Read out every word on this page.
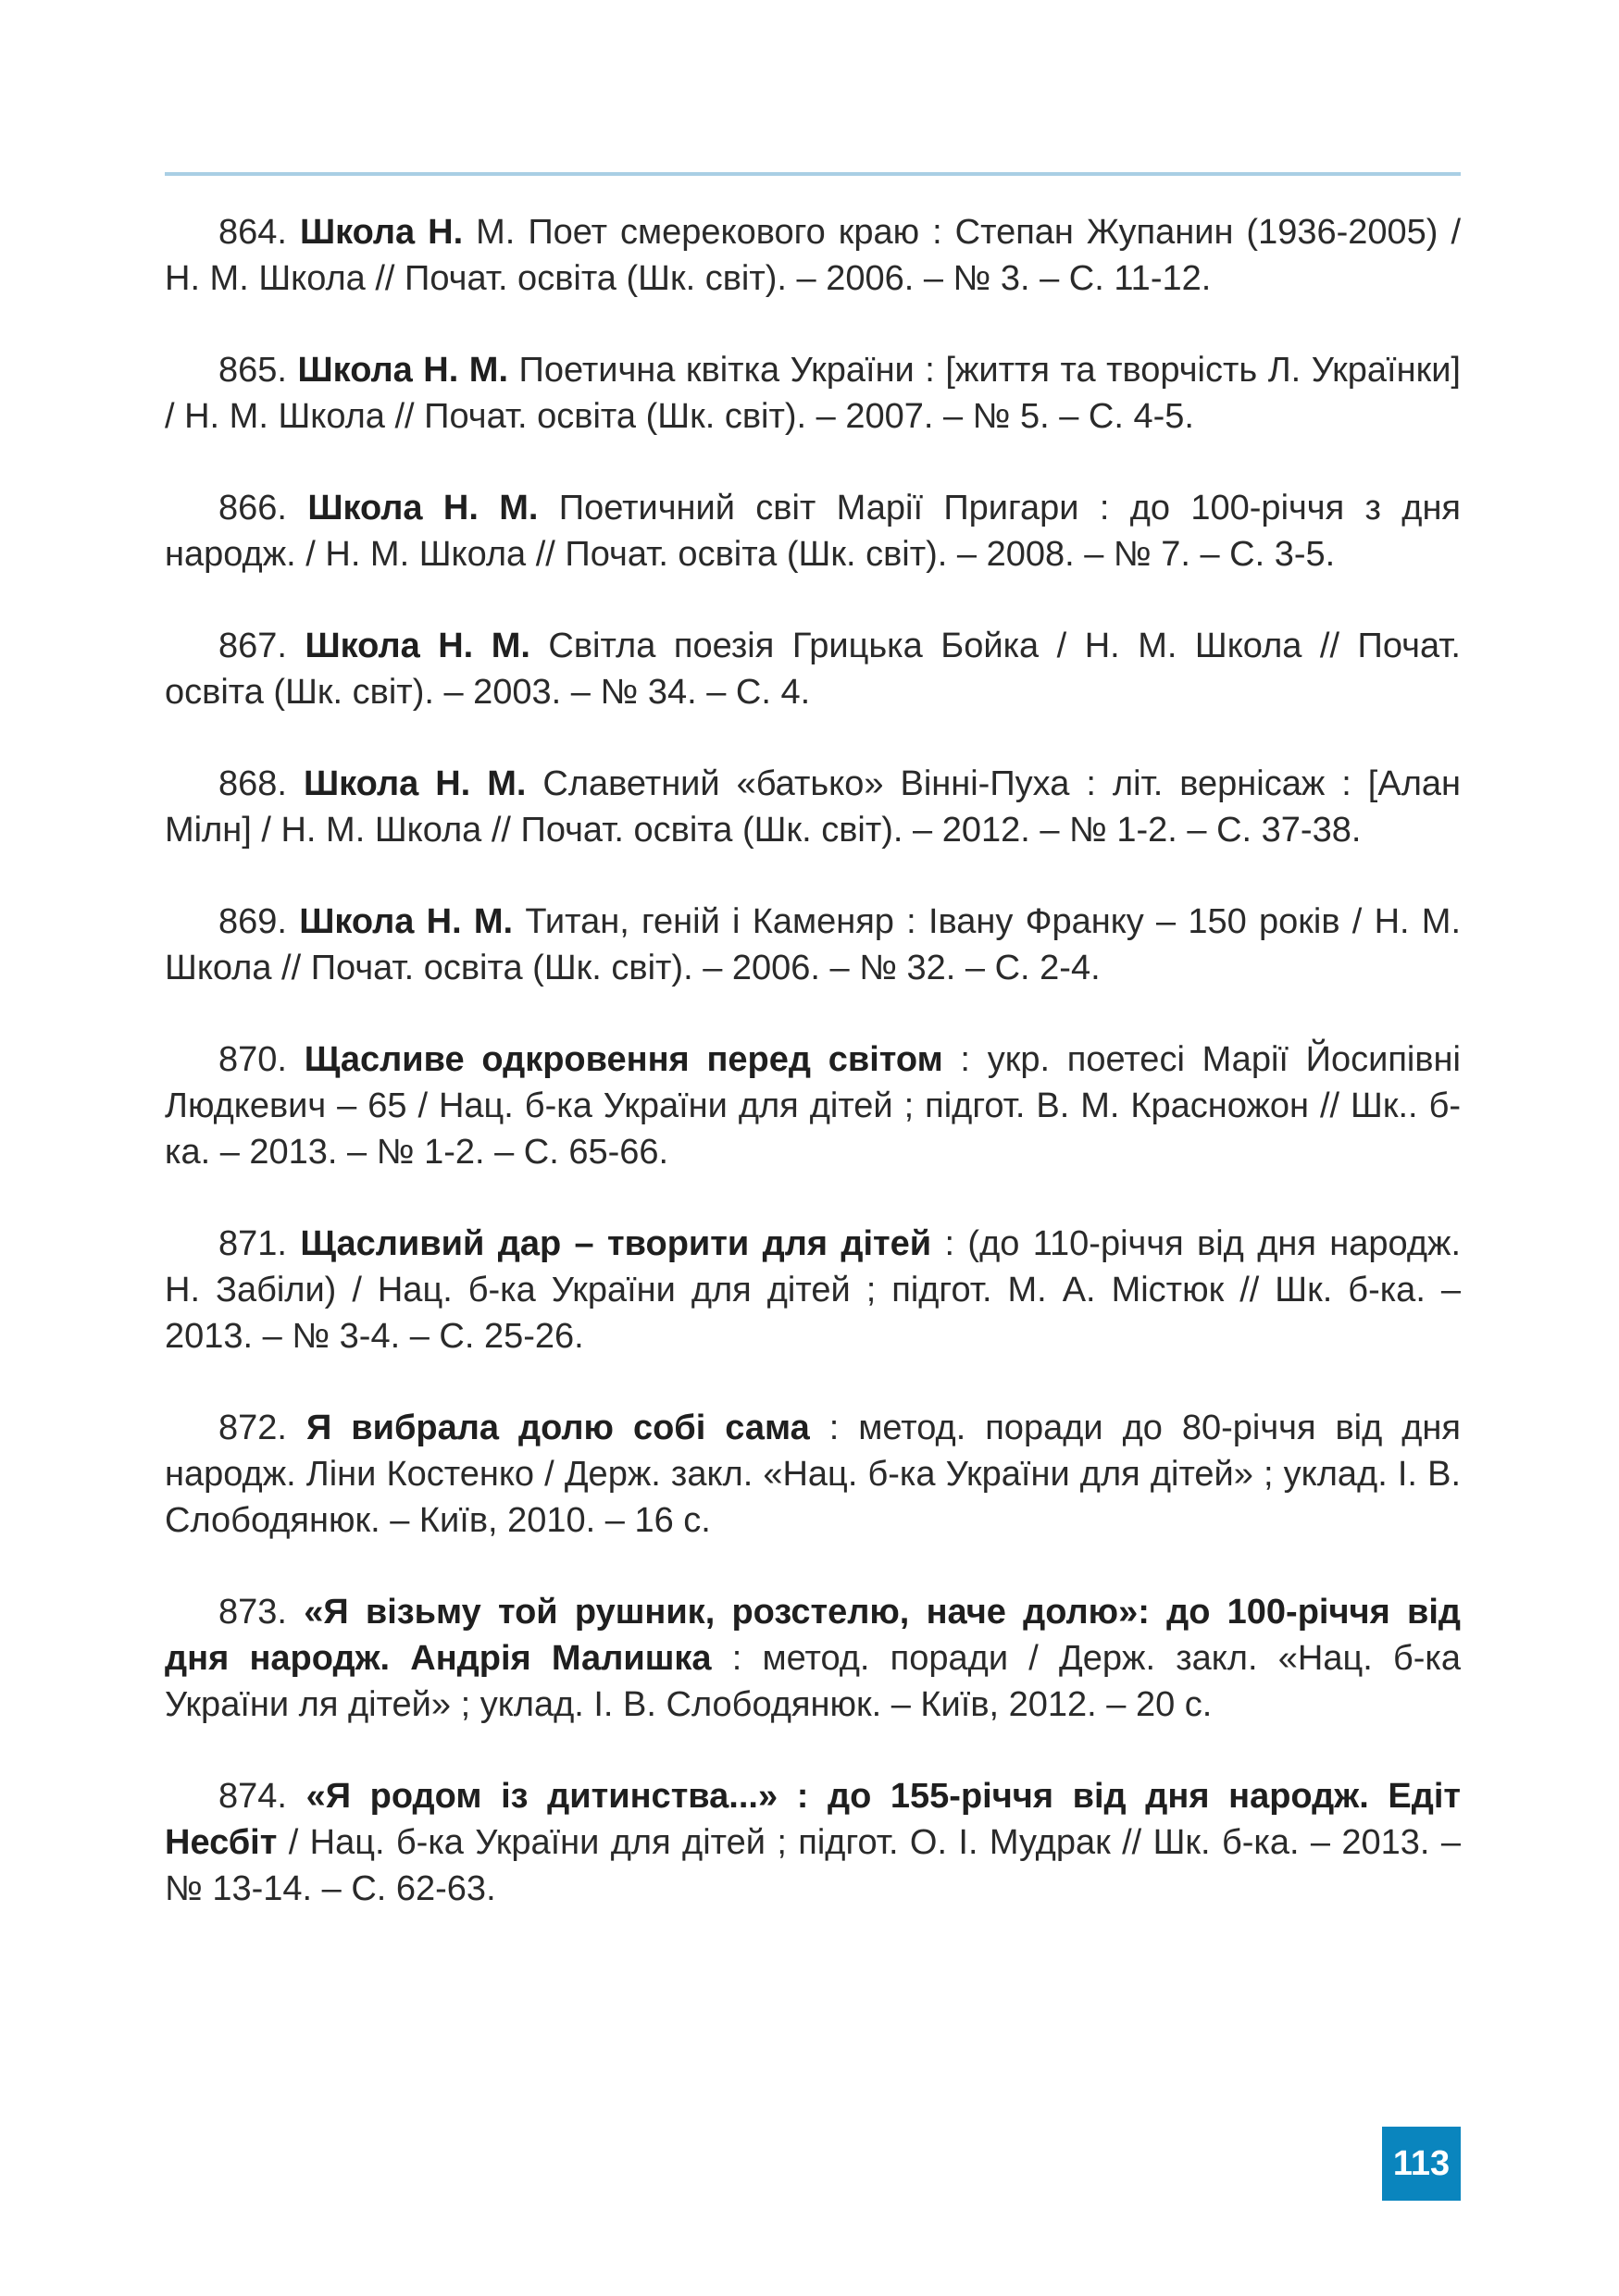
864. Школа Н. М. Поет смерекового краю : Степан Жупанин (1936-2005) / Н. М. Школа // Почат. освіта (Шк. світ). – 2006. – № 3. – С. 11-12.

865. Школа Н. М. Поетична квітка України : [життя та творчість Л. Українки] / Н. М. Школа // Почат. освіта (Шк. світ). – 2007. – № 5. – С. 4-5.

866. Школа Н. М. Поетичний світ Марії Пригари : до 100-річчя з дня народж. / Н. М. Школа // Почат. освіта (Шк. світ). – 2008. – № 7. – С. 3-5.

867. Школа Н. М. Світла поезія Грицька Бойка / Н. М. Школа // Почат. освіта (Шк. світ). – 2003. – № 34. – С. 4.

868. Школа Н. М. Славетний «батько» Вінні-Пуха : літ. вернісаж : [Алан Мілн] / Н. М. Школа // Почат. освіта (Шк. світ). – 2012. – № 1-2. – С. 37-38.

869. Школа Н. М. Титан, геній і Каменяр : Івану Франку – 150 років / Н. М. Школа // Почат. освіта (Шк. світ). – 2006. – № 32. – С. 2-4.

870. Щасливе одкровення перед світом : укр. поетесі Марії Йосипівні Людкевич – 65 / Нац. б-ка України для дітей ; підгот. В. М. Красножон // Шк.. б-ка. – 2013. – № 1-2. – С. 65-66.

871. Щасливий дар – творити для дітей : (до 110-річчя від дня народж. Н. Забіли) / Нац. б-ка України для дітей ; підгот. М. А. Містюк // Шк. б-ка. – 2013. – № 3-4. – С. 25-26.

872. Я вибрала долю собі сама : метод. поради до 80-річчя від дня народж. Ліни Костенко / Держ. закл. «Нац. б-ка України для дітей» ; уклад. І. В. Слободянюк. – Київ, 2010. – 16 с.

873. «Я візьму той рушник, розстелю, наче долю»: до 100-річчя від дня народж. Андрія Малишка : метод. поради / Держ. закл. «Нац. б-ка України ля дітей» ; уклад. І. В. Слободянюк. – Київ, 2012. – 20 с.

874. «Я родом із дитинства...» : до 155-річчя від дня народж. Едіт Несбіт / Нац. б-ка України для дітей ; підгот. О. І. Мудрак // Шк. б-ка. – 2013. – № 13-14. – С. 62-63.

113
